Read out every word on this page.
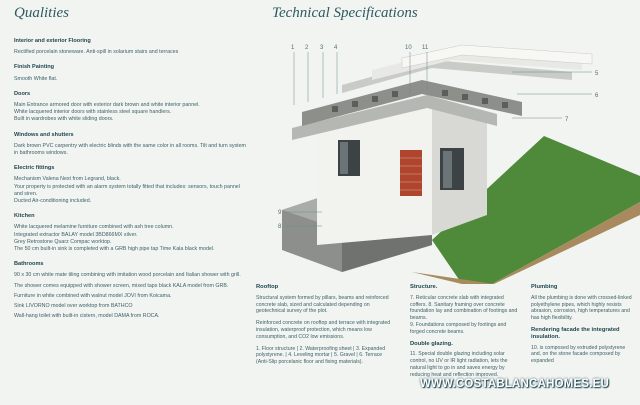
Qualities	Technical Specifications
Interior and exterior Flooring
Rectified porcelain stoneware. Anti-spill in solarium stairs and terraces
Finish Painting
Smooth White flat.
Doors
Main Entrance armored door with exterior dark brown and white interior pannel.
White lacquered interior doors with stainless steel square handlers.
Built in wardrobes with white sliding doors.
Windows and shutters
Dark brown PVC carpentry with electric blinds with the same color in all rooms. Tilt and turn system in bathrooms windows.
Electric fittings
Mechanism Valena Next from Legrand, black.
Your property is protected with an alarm system totally fitted that includes: sensors, touch pannel and siren.
Ducted Air-conditioning included.
Kitchen
White lacquered melamine furniture combined with ash tree column.
Integrated extractor BALAY model 3BD866MX silver.
Grey Retrostone Quarz Compac worktop.
The 50 cm built-in sink is completed with a GRB high pipe tap Time Kala black model.
Bathrooms
90 x 30 cm white mate tiling combining with imitation wood porcelain and Italian shower with grill.
The shower comes equipped with shower screen, mixed taps black KALA model from GRB.
Furniture in white combined with walnut model JOVI from Koicama.
Sink LIVORNO model over worktop from BATHCO
Wall-hang toilet with built-in cistern, model DAMA from ROCA.
1 2 3 4
5
6
7
8
9
10 11
Rooftop
Structural system formed by pillars, beams and reinforced concrete slab, sized and calculated depending on geotechnical survey of the plot.
Reinforced concrete on rooftop and terrace with integrated insulation, waterproof protection, which means low consumption, and CO2 low emissions.
1. Floor structure | 2. Waterproofing sheet | 3. Expanded polystyrene. | 4. Leveling mortar | 5. Gravel | 6. Terrace (Anti-Slip porcelanic floor and fixing materials).
Structure.
7. Reticular concrete slab with integrated coffers. 8. Sanitary framing over concrete foundation lay and combination of footings and beams.
9. Foundations composed by footings and forged concrete beams.
Double glazing.
11. Special double glazing including solar control, no UV or IR light radiation, lets the natural light to go in and saves energy by reducing heat and reflection improved.
Plumbing
All the plumbing is done with crossed-linked polyethylene pipes, which highly resists abrasion, corrosion, high temperatures and has high flexibility.
Rendering facade the integrated insulation.
10. is composed by extruded polystyrene and, on the stone facade composed by expanded
WWW.COSTABLANCAHOMES.EU
